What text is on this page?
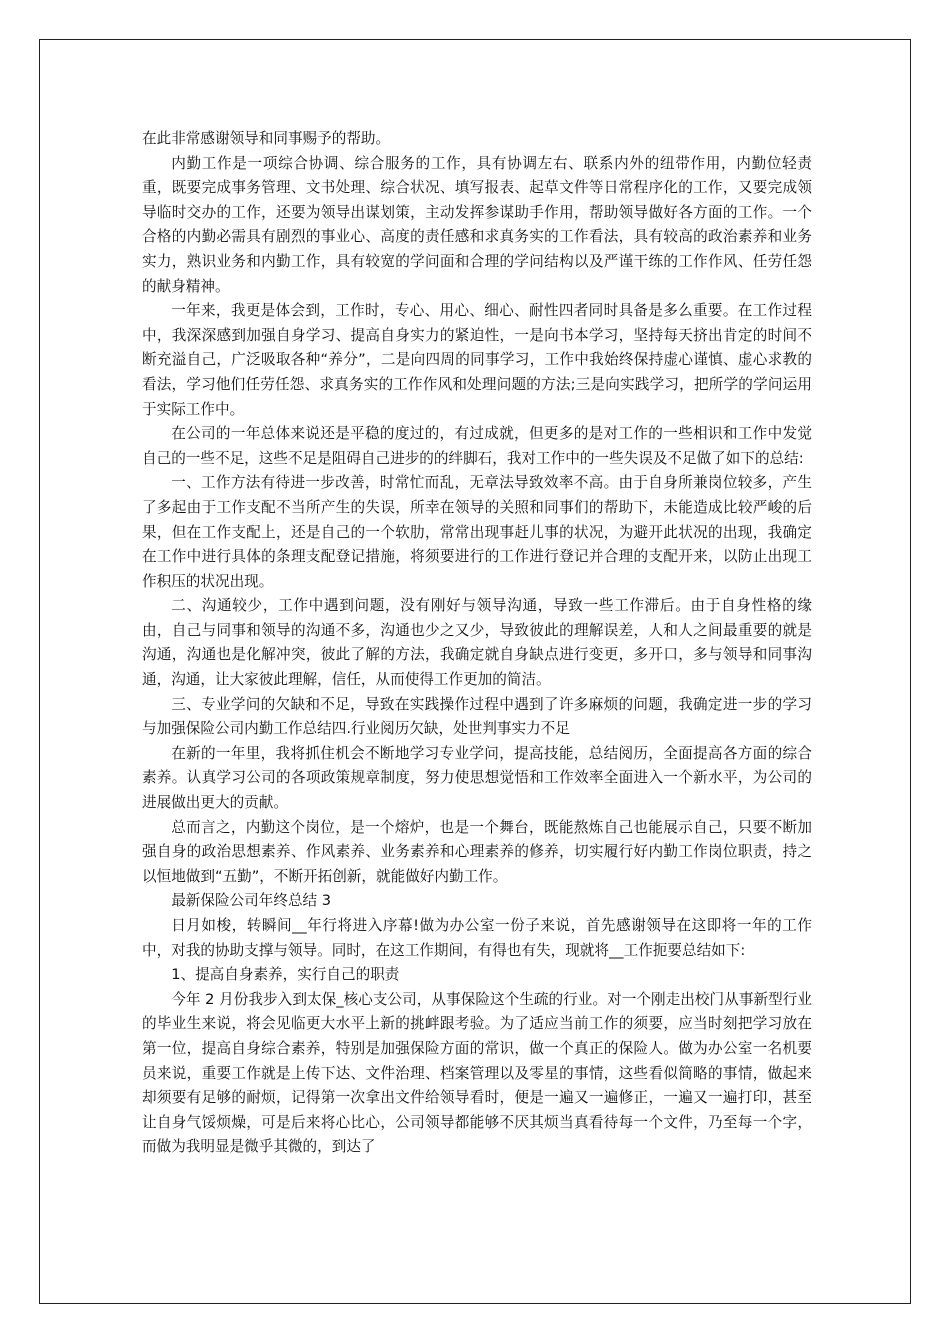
在此非常感谢领导和同事赐予的帮助。

内勤工作是一项综合协调、综合服务的工作，具有协调左右、联系内外的纽带作用，内勤位轻责重，既要完成事务管理、文书处理、综合状况、填写报表、起草文件等日常程序化的工作，又要完成领导临时交办的工作，还要为领导出谋划策，主动发挥参谋助手作用，帮助领导做好各方面的工作。一个合格的内勤必需具有剧烈的事业心、高度的责任感和求真务实的工作看法，具有较高的政治素养和业务实力，熟识业务和内勤工作，具有较宽的学问面和合理的学问结构以及严谨干练的工作作风、任劳任怨的献身精神。

一年来，我更是体会到，工作时，专心、用心、细心、耐性四者同时具备是多么重要。在工作过程中，我深深感到加强自身学习、提高自身实力的紧迫性，一是向书本学习，坚持每天挤出肯定的时间不断充溢自己，广泛吸取各种“养分”，二是向四周的同事学习，工作中我始终保持虚心谨慎、虚心求教的看法，学习他们任劳任怨、求真务实的工作作风和处理问题的方法;三是向实践学习，把所学的学问运用于实际工作中。

在公司的一年总体来说还是平稳的度过的，有过成就，但更多的是对工作的一些相识和工作中发觉自己的一些不足，这些不足是阻碍自己进步的的绊脚石，我对工作中的一些失误及不足做了如下的总结:

一、工作方法有待进一步改善，时常忙而乱，无章法导致效率不高。由于自身所兼岗位较多，产生了多起由于工作支配不当所产生的失误，所幸在领导的关照和同事们的帮助下，未能造成比较严峻的后果，但在工作支配上，还是自己的一个软肋，常常出现事赶儿事的状况，为避开此状况的出现，我确定在工作中进行具体的条理支配登记措施，将须要进行的工作进行登记并合理的支配开来，以防止出现工作积压的状况出现。

二、沟通较少，工作中遇到问题，没有刚好与领导沟通，导致一些工作滞后。由于自身性格的缘由，自己与同事和领导的沟通不多，沟通也少之又少，导致彼此的理解误差，人和人之间最重要的就是沟通，沟通也是化解冲突，彼此了解的方法，我确定就自身缺点进行变更，多开口，多与领导和同事沟通，沟通，让大家彼此理解，信任，从而使得工作更加的简洁。

三、专业学问的欠缺和不足，导致在实践操作过程中遇到了许多麻烦的问题，我确定进一步的学习与加强保险公司内勤工作总结四.行业阅历欠缺，处世判事实力不足

在新的一年里，我将抓住机会不断地学习专业学问，提高技能，总结阅历，全面提高各方面的综合素养。认真学习公司的各项政策规章制度，努力使思想觉悟和工作效率全面进入一个新水平，为公司的进展做出更大的贡献。

总而言之，内勤这个岗位，是一个熔炉，也是一个舞台，既能熬炼自己也能展示自己，只要不断加强自身的政治思想素养、作风素养、业务素养和心理素养的修养，切实履行好内勤工作岗位职责，持之以恒地做到“五勤”，不断开拓创新，就能做好内勤工作。

最新保险公司年终总结 3

日月如梭，转瞬间__年行将进入序幕!做为办公室一份子来说，首先感谢领导在这即将一年的工作中，对我的协助支撑与领导。同时，在这工作期间，有得也有失，现就将__工作扼要总结如下:

1、提高自身素养，实行自己的职责

今年 2 月份我步入到太保_核心支公司，从事保险这个生疏的行业。对一个刚走出校门从事新型行业的毕业生来说，将会见临更大水平上新的挑衅跟考验。为了适应当前工作的须要，应当时刻把学习放在第一位，提高自身综合素养，特别是加强保险方面的常识，做一个真正的保险人。做为办公室一名机要员来说，重要工作就是上传下达、文件治理、档案管理以及零星的事情，这些看似简略的事情，做起来却须要有足够的耐烦，记得第一次拿出文件给领导看时，便是一遍又一遍修正，一遍又一遍打印，甚至让自身气馁烦燥，可是后来将心比心，公司领导都能够不厌其烦当真看待每一个文件，乃至每一个字，而做为我明显是微乎其微的，到达了
